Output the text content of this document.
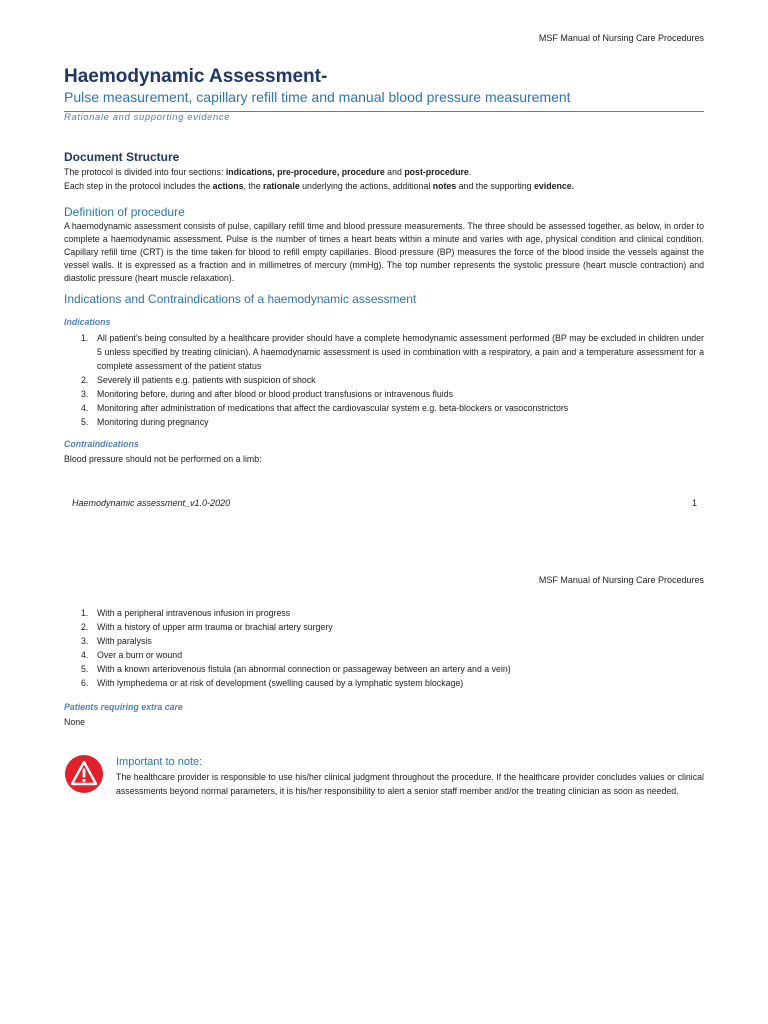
MSF Manual of Nursing Care Procedures
Haemodynamic Assessment-
Pulse measurement, capillary refill time and manual blood pressure measurement
Rationale and supporting evidence
Document Structure
The protocol is divided into four sections: indications, pre-procedure, procedure and post-procedure.
Each step in the protocol includes the actions, the rationale underlying the actions, additional notes and the supporting evidence.
Definition of procedure
A haemodynamic assessment consists of pulse, capillary refill time and blood pressure measurements. The three should be assessed together, as below, in order to complete a haemodynamic assessment. Pulse is the number of times a heart beats within a minute and varies with age, physical condition and clinical condition. Capillary refill time (CRT) is the time taken for blood to refill empty capillaries. Blood pressure (BP) measures the force of the blood inside the vessels against the vessel walls. It is expressed as a fraction and in millimetres of mercury (mmHg). The top number represents the systolic pressure (heart muscle contraction) and diastolic pressure (heart muscle relaxation).
Indications and Contraindications of a haemodynamic assessment
Indications
1. All patient’s being consulted by a healthcare provider should have a complete hemodynamic assessment performed (BP may be excluded in children under 5 unless specified by treating clinician). A haemodynamic assessment is used in combination with a respiratory, a pain and a temperature assessment for a complete assessment of the patient status
2. Severely ill patients e.g. patients with suspicion of shock
3. Monitoring before, during and after blood or blood product transfusions or intravenous fluids
4. Monitoring after administration of medications that affect the cardiovascular system e.g. beta-blockers or vasoconstrictors
5. Monitoring during pregnancy
Contraindications
Blood pressure should not be performed on a limb:
Haemodynamic assessment_v1.0-2020	1
MSF Manual of Nursing Care Procedures
1. With a peripheral intravenous infusion in progress
2. With a history of upper arm trauma or brachial artery surgery
3. With paralysis
4. Over a burn or wound
5. With a known arteriovenous fistula (an abnormal connection or passageway between an artery and a vein)
6. With lymphedema or at risk of development (swelling caused by a lymphatic system blockage)
Patients requiring extra care
None
Important to note:
The healthcare provider is responsible to use his/her clinical judgment throughout the procedure. If the healthcare provider concludes values or clinical assessments beyond normal parameters, it is his/her responsibility to alert a senior staff member and/or the treating clinician as soon as needed.
